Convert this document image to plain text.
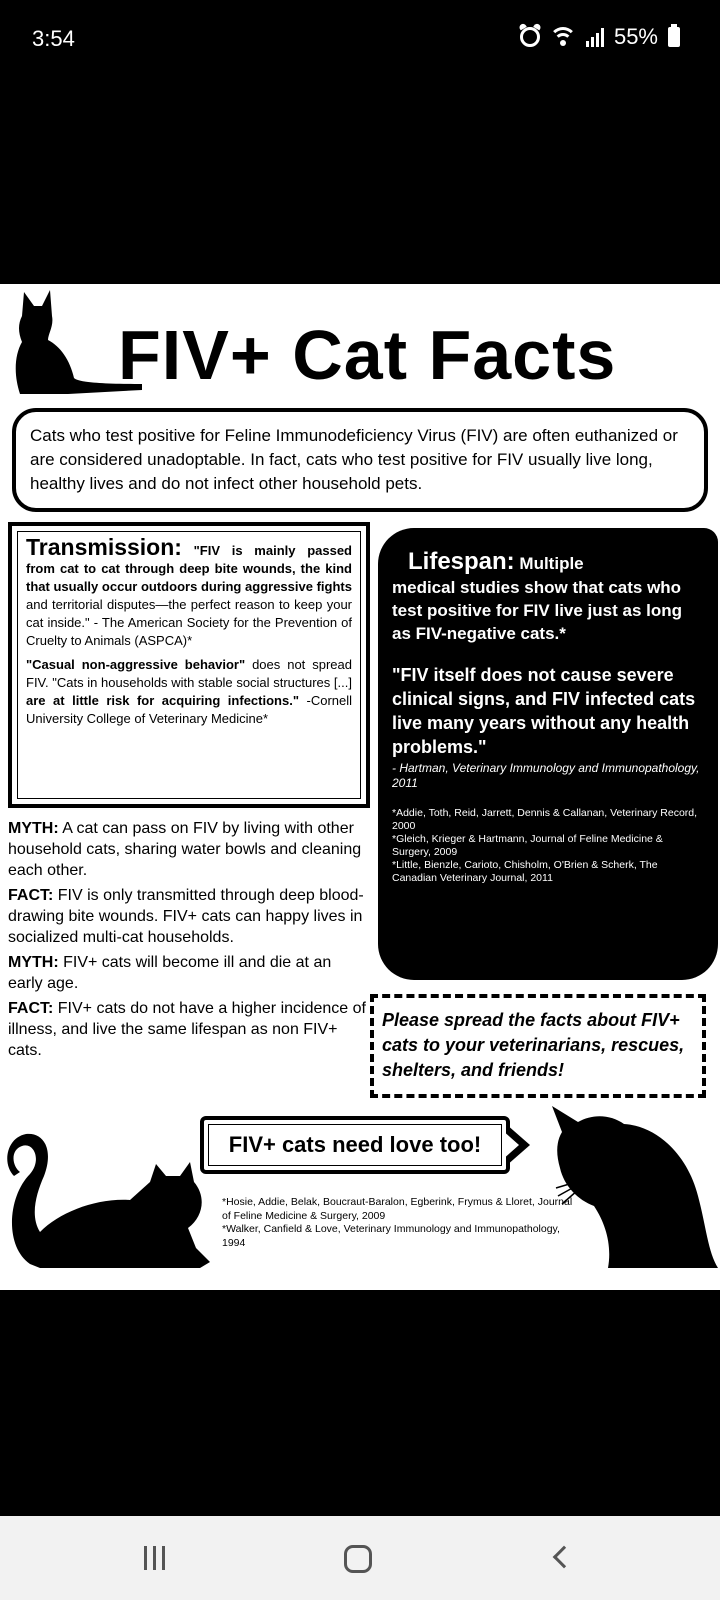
3:54	55%
FIV+ Cat Facts
Cats who test positive for Feline Immunodeficiency Virus (FIV) are often euthanized or are considered unadoptable. In fact, cats who test positive for FIV usually live long, healthy lives and do not infect other household pets.
Transmission: "FIV is mainly passed from cat to cat through deep bite wounds, the kind that usually occur outdoors during aggressive fights and territorial disputes—the perfect reason to keep your cat inside." - The American Society for the Prevention of Cruelty to Animals (ASPCA)*
"Casual non-aggressive behavior" does not spread FIV. "Cats in households with stable social structures [...] are at little risk for acquiring infections." -Cornell University College of Veterinary Medicine*
Lifespan: Multiple
medical studies show that cats who test positive for FIV live just as long as FIV-negative cats.*
"FIV itself does not cause severe clinical signs, and FIV infected cats live many years without any health problems."
- Hartman, Veterinary Immunology and Immunopathology, 2011
*Addie, Toth, Reid, Jarrett, Dennis & Callanan, Veterinary Record, 2000
*Gleich, Krieger & Hartmann, Journal of Feline Medicine & Surgery, 2009
*Little, Bienzle, Carioto, Chisholm, O'Brien & Scherk, The Canadian Veterinary Journal, 2011

MYTH: A cat can pass on FIV by living with other household cats, sharing water bowls and cleaning each other.

FACT: FIV is only transmitted through deep blood-drawing bite wounds. FIV+ cats can happy lives in socialized multi-cat households.

MYTH: FIV+ cats will become ill and die at an early age.

FACT: FIV+ cats do not have a higher incidence of illness, and live the same lifespan as non FIV+ cats.

Please spread the facts about FIV+ cats to your veterinarians, rescues, shelters, and friends!
FIV+ cats need love too!
*Hosie, Addie, Belak, Boucraut-Baralon, Egberink, Frymus & Lloret, Journal of Feline Medicine & Surgery, 2009
*Walker, Canfield & Love, Veterinary Immunology and Immunopathology, 1994
